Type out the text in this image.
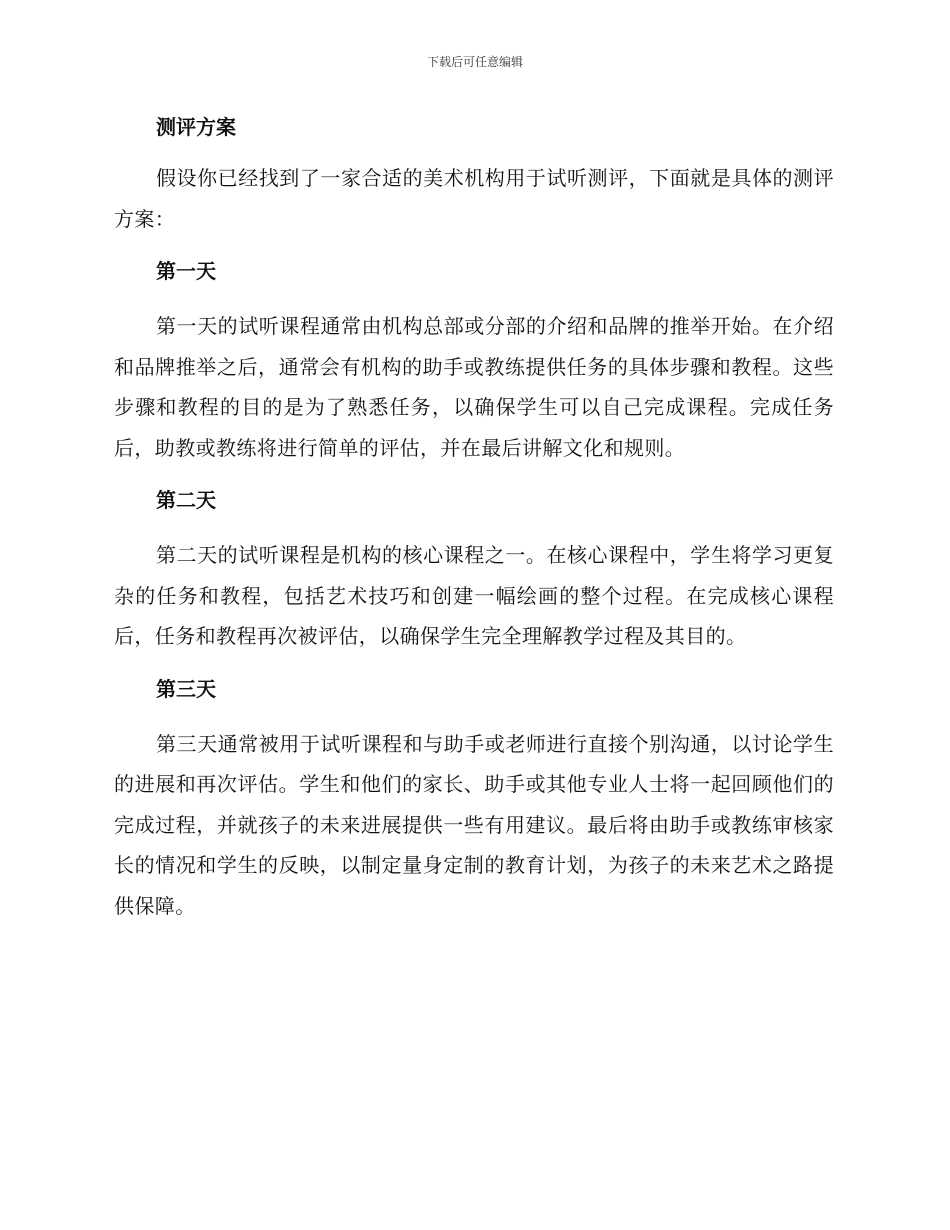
下载后可任意编辑
测评方案

假设你已经找到了一家合适的美术机构用于试听测评，下面就是具体的测评方案：

第一天

第一天的试听课程通常由机构总部或分部的介绍和品牌的推举开始。在介绍和品牌推举之后，通常会有机构的助手或教练提供任务的具体步骤和教程。这些步骤和教程的目的是为了熟悉任务，以确保学生可以自己完成课程。完成任务后，助教或教练将进行简单的评估，并在最后讲解文化和规则。

第二天

第二天的试听课程是机构的核心课程之一。在核心课程中，学生将学习更复杂的任务和教程，包括艺术技巧和创建一幅绘画的整个过程。在完成核心课程后，任务和教程再次被评估，以确保学生完全理解教学过程及其目的。

第三天

第三天通常被用于试听课程和与助手或老师进行直接个别沟通，以讨论学生的进展和再次评估。学生和他们的家长、助手或其他专业人士将一起回顾他们的完成过程，并就孩子的未来进展提供一些有用建议。最后将由助手或教练审核家长的情况和学生的反映，以制定量身定制的教育计划，为孩子的未来艺术之路提供保障。
